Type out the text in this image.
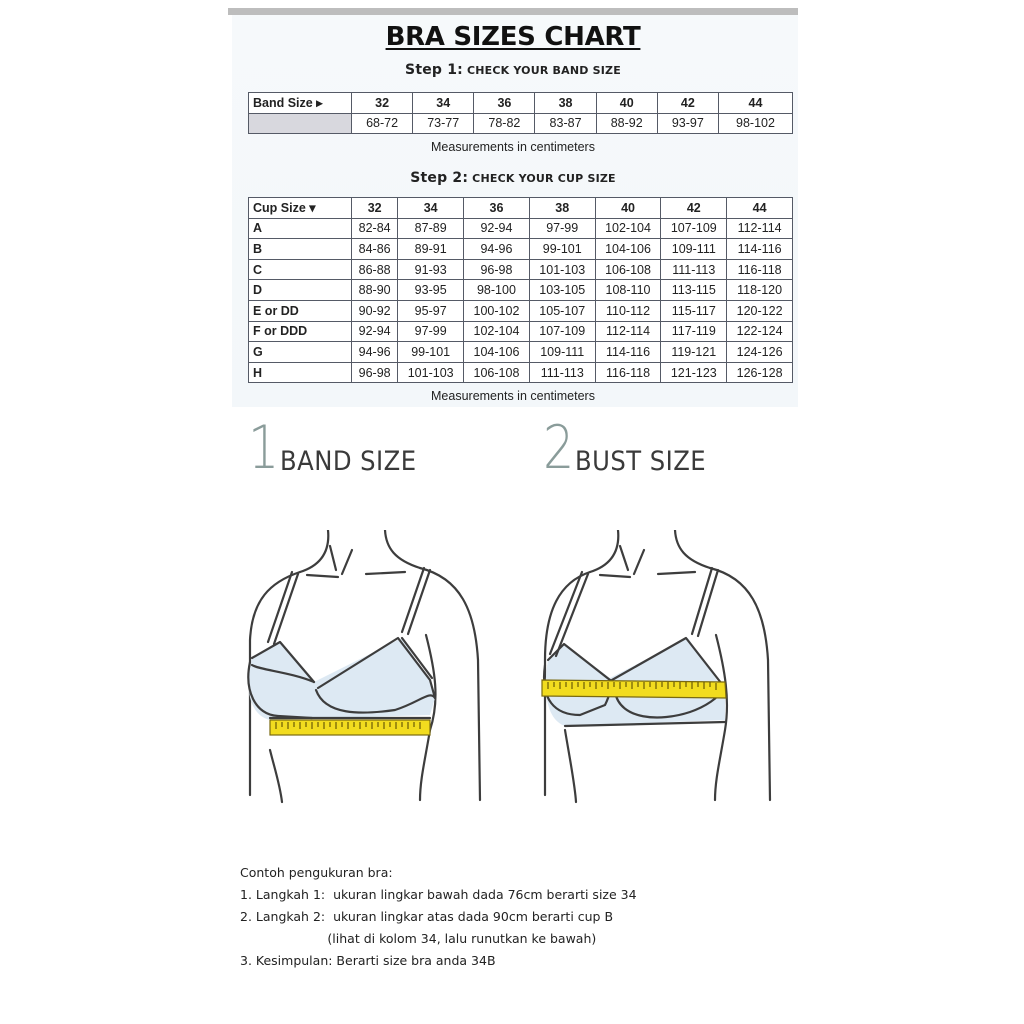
BRA SIZES CHART
Step 1: CHECK YOUR BAND SIZE
Band Size ▸	32	34	36	38	40	42	44
	68-72	73-77	78-82	83-87	88-92	93-97	98-102
Measurements in centimeters
Step 2: CHECK YOUR CUP SIZE
Cup Size ▾	32	34	36	38	40	42	44
A	82-84	87-89	92-94	97-99	102-104	107-109	112-114
B	84-86	89-91	94-96	99-101	104-106	109-111	114-116
C	86-88	91-93	96-98	101-103	106-108	111-113	116-118
D	88-90	93-95	98-100	103-105	108-110	113-115	118-120
E or DD	90-92	95-97	100-102	105-107	110-112	115-117	120-122
F or DDD	92-94	97-99	102-104	107-109	112-114	117-119	122-124
G	94-96	99-101	104-106	109-111	114-116	119-121	124-126
H	96-98	101-103	106-108	111-113	116-118	121-123	126-128
Measurements in centimeters
1 BAND SIZE 2 BUST SIZE
Contoh pengukuran bra:
1. Langkah 1:  ukuran lingkar bawah dada 76cm berarti size 34
2. Langkah 2:  ukuran lingkar atas dada 90cm berarti cup B
(lihat di kolom 34, lalu runutkan ke bawah)
3. Kesimpulan: Berarti size bra anda 34B
